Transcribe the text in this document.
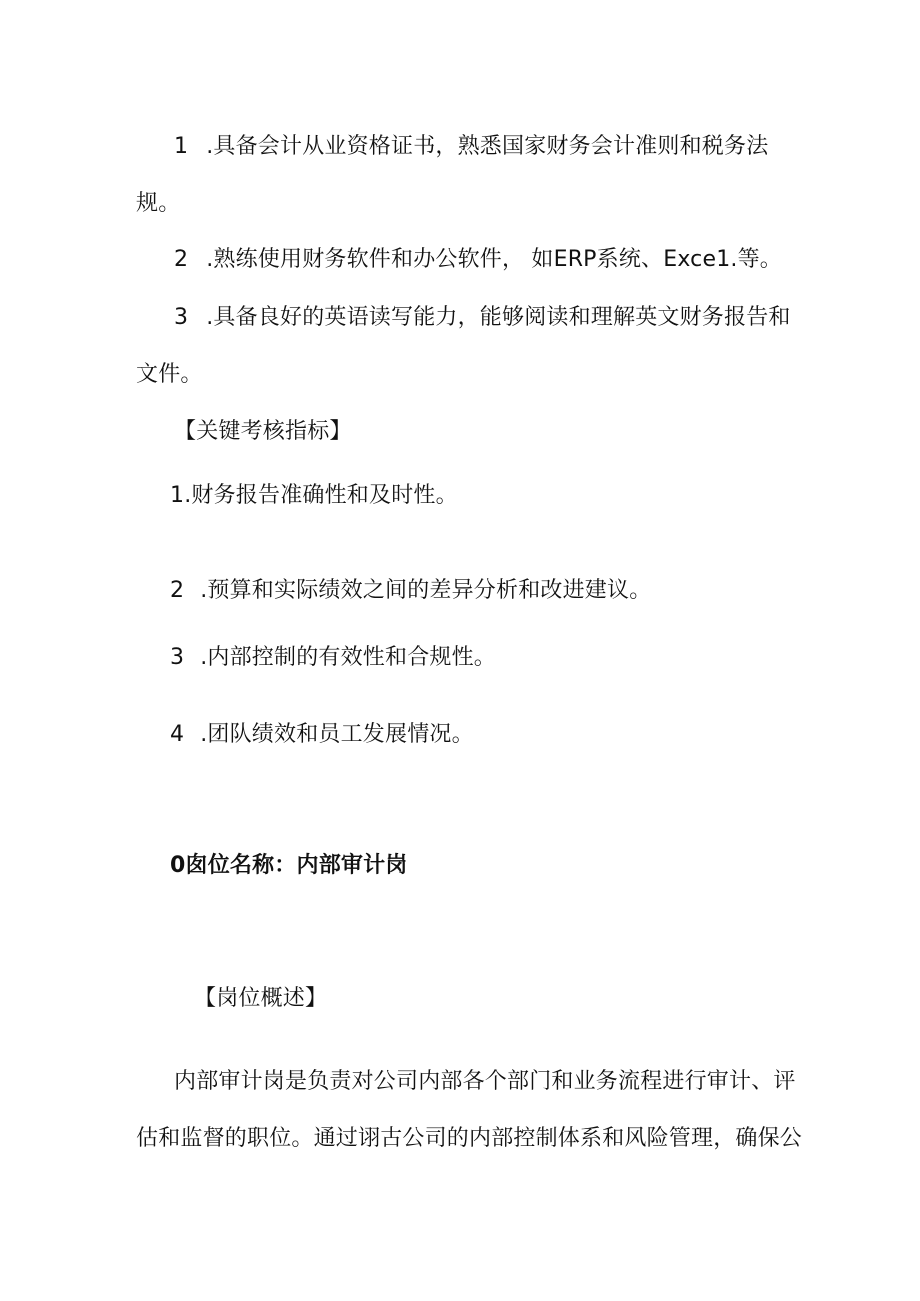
1 .具备会计从业资格证书，熟悉国家财务会计准则和税务法
规。
2 .熟练使用财务软件和办公软件， 如ERP系统、Exce1.等。
3 .具备良好的英语读写能力，能够阅读和理解英文财务报告和
文件。
【关键考核指标】
1.财务报告准确性和及时性。
2 .预算和实际绩效之间的差异分析和改进建议。
3 .内部控制的有效性和合规性。
4 .团队绩效和员工发展情况。
0囱位名称：内部审计岗
【岗位概述】
内部审计岗是负责对公司内部各个部门和业务流程进行审计、评
估和监督的职位。通过诩古公司的内部控制体系和风险管理，确保公
